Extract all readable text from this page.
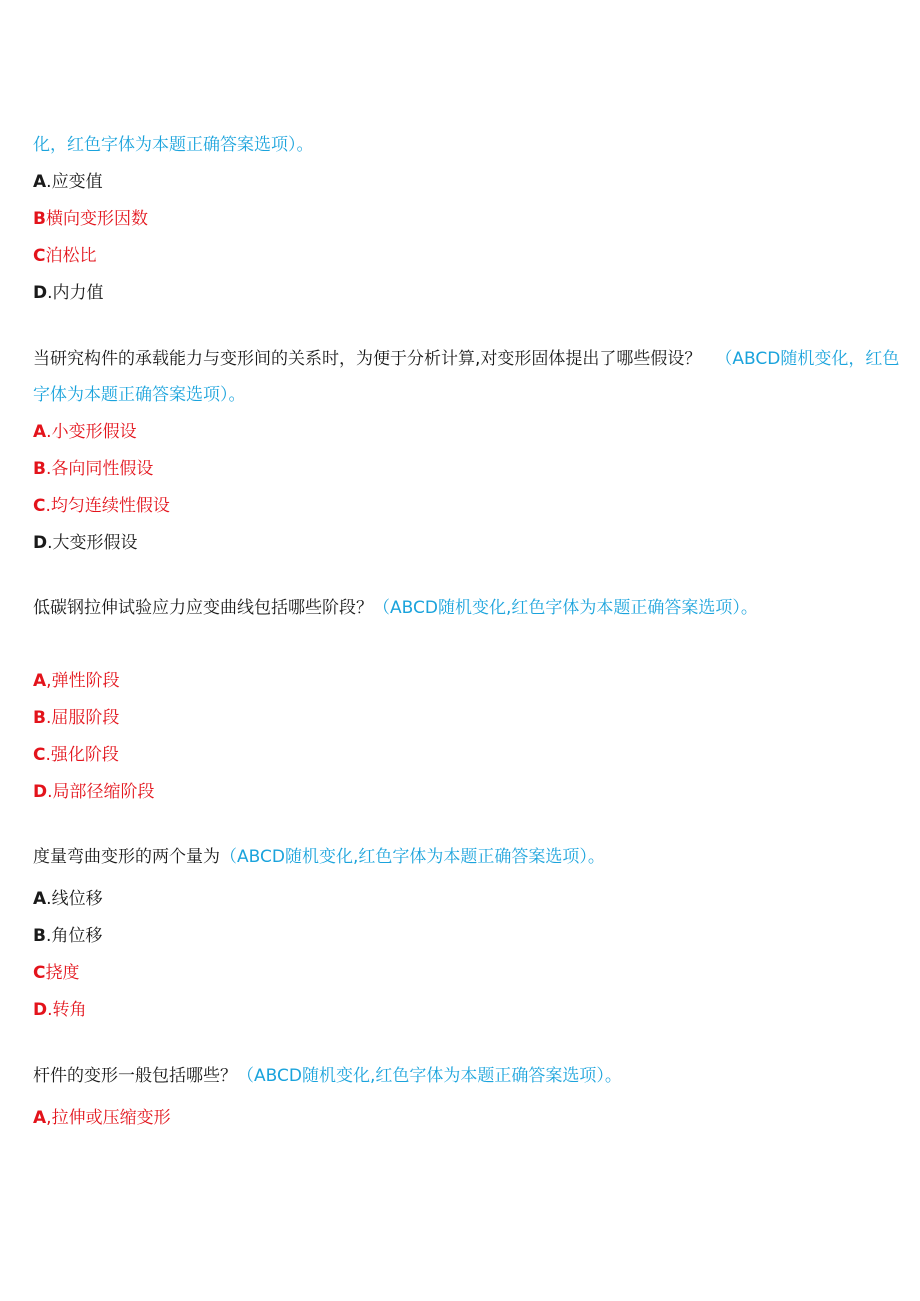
化，红色字体为本题正确答案选项）。
A.应变值
B横向变形因数
C泊松比
D.内力值
当研究构件的承载能力与变形间的关系时，为便于分析计算,对变形固体提出了哪些假设？ （ABCD随机变化，红色
字体为本题正确答案选项）。
A.小变形假设
B.各向同性假设
C.均匀连续性假设
D.大变形假设
低碳钢拉伸试验应力应变曲线包括哪些阶段？（ABCD随机变化,红色字体为本题正确答案选项）。
A,弹性阶段
B.屈服阶段
C.强化阶段
D.局部径缩阶段
度量弯曲变形的两个量为（ABCD随机变化,红色字体为本题正确答案选项）。
A.线位移
B.角位移
C挠度
D.转角
杆件的变形一般包括哪些？（ABCD随机变化,红色字体为本题正确答案选项）。
A,拉伸或压缩变形
